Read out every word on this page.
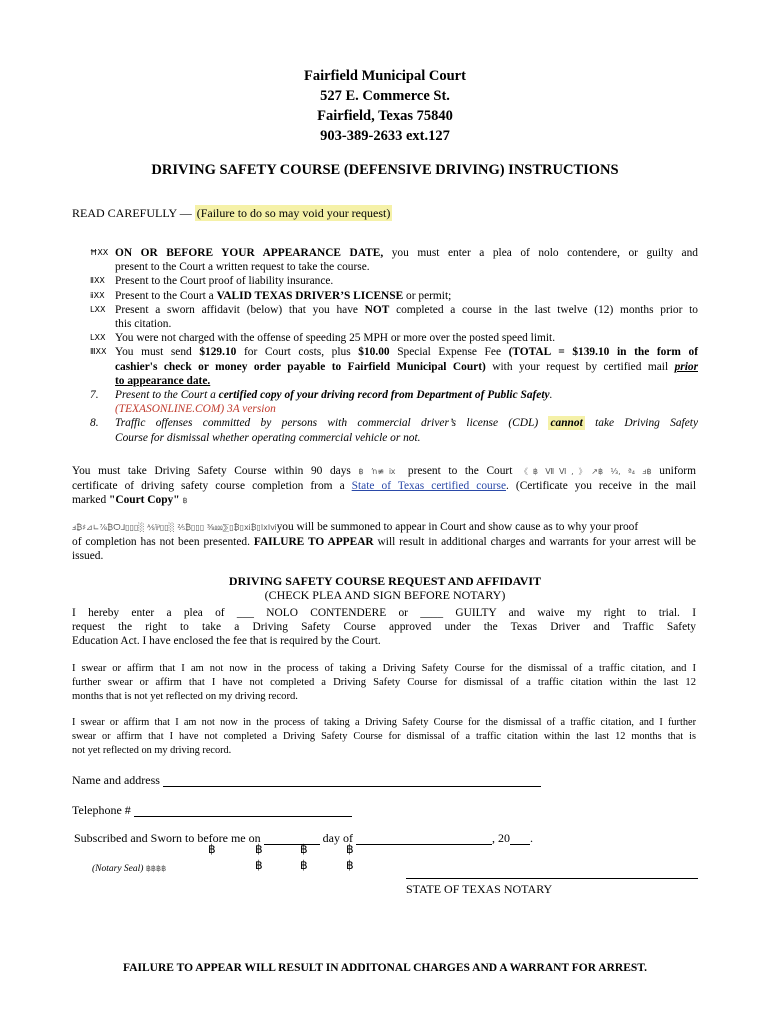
Fairfield Municipal Court
527 E. Commerce St.
Fairfield, Texas 75840
903-389-2633 ext.127
DRIVING SAFETY COURSE (DEFENSIVE DRIVING) INSTRUCTIONS
READ CAREFULLY — (Failure to do so may void your request)
ĦⅩⅩ ON OR BEFORE YOUR APPEARANCE DATE, you must enter a plea of nolo contendere, or guilty and
present to the Court a written request to take the course.
ⅡⅩⅩ Present to the Court proof of liability insurance.
ⅱⅩⅩ Present to the Court a VALID TEXAS DRIVER’S LICENSE or permit;
ⅬⅩⅩ Present a sworn affidavit (below) that you have NOT completed a course in the last twelve (12) months prior to
this citation.
ⅬⅩⅩ You were not charged with the offense of speeding 25 MPH or more over the posted speed limit.
ⅢⅩⅩ You must send $129.10 for Court costs, plus $10.00 Special Expense Fee (TOTAL = $139.10 in the form of
cashier's check or money order payable to Fairfield Municipal Court) with your request by certified mail prior
to appearance date.
7. Present to the Court a certified copy of your driving record from Department of Public Safety.
(TEXASONLINE.COM) 3A version
8. Traffic offenses committed by persons with commercial driver’s license (CDL) cannot take Driving Safety
Course for dismissal whether operating commercial vehicle or not.
You must take Driving Safety Course within 90 days ฿ ŉ≢ⅸ present to the Court 《฿ ⅦⅥ,》↗฿ ⅓, ª₄ ⅎ฿ uniform
certificate of driving safety course completion from a State of Texas certified course. (Certificate you receive in the mail
marked "Court Copy" ฿
ⅎ₿♯⊿∟⅞₿Ѻ⅃▯▯▯░ ⅍⅌▯▯░ ⅖₿▯▯▯ ⅜⅏⅀▯₿▯ⅺ₿▯ⅼⅹⅼⅵyou will be summoned to appear in Court and show cause as to why your proof
of completion has not been presented. FAILURE TO APPEAR will result in additional charges and warrants for your arrest will be
issued.
DRIVING SAFETY COURSE REQUEST AND AFFIDAVIT
(CHECK PLEA AND SIGN BEFORE NOTARY)
I hereby enter a plea of ___ NOLO CONTENDERE or ____ GUILTY and waive my right to trial. I
request the right to take a Driving Safety Course approved under the Texas Driver and Traffic Safety
Education Act. I have enclosed the fee that is required by the Court.
I swear or affirm that I am not now in the process of taking a Driving Safety Course for the dismissal of a traffic citation, and I
further swear or affirm that I have not completed a Driving Safety Course for dismissal of a traffic citation within the last 12
months that is not yet reflected on my driving record.
I swear or affirm that I am not now in the process of taking a Driving Safety Course for the dismissal of a traffic citation, and I further
swear or affirm that I have not completed a Driving Safety Course for dismissal of a traffic citation within the last 12 months that is
not yet reflected on my driving record.
Name and address
Telephone #
Subscribed and Sworn to before me on	day of	, 20 .
฿	฿	฿	฿
฿	฿	฿
(Notary Seal) ฿฿฿฿
STATE OF TEXAS NOTARY
FAILURE TO APPEAR WILL RESULT IN ADDITONAL CHARGES AND A WARRANT FOR ARREST.
